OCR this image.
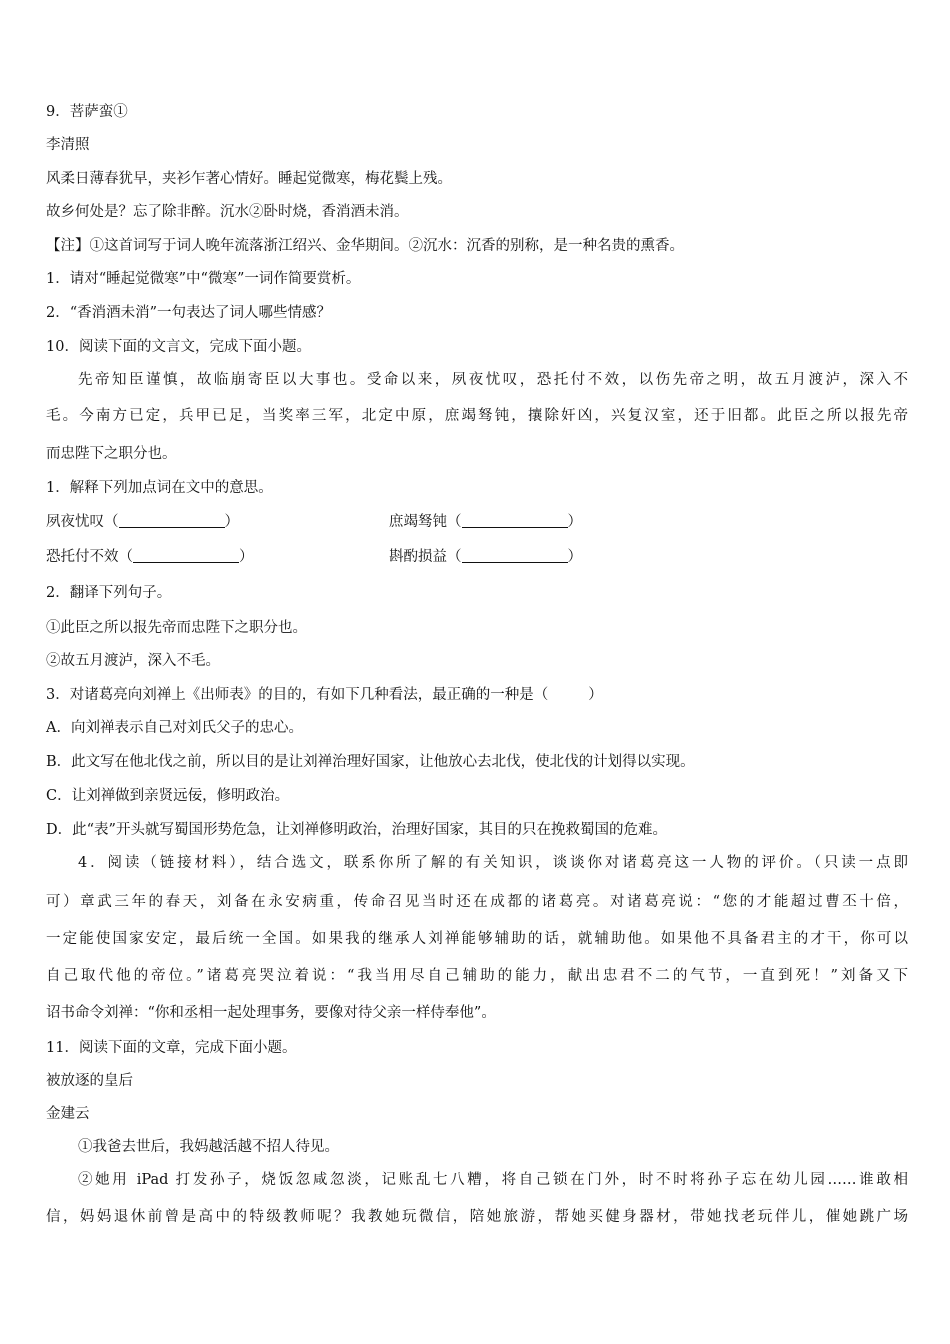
9．菩萨蛮①
李清照
风柔日薄春犹早，夹衫乍著心情好。睡起觉微寒，梅花鬓上残。
故乡何处是？忘了除非醉。沉水②卧时烧，香消酒未消。
【注】①这首词写于词人晚年流落浙江绍兴、金华期间。②沉水：沉香的别称，是一种名贵的熏香。
1．请对“睡起觉微寒”中“微寒”一词作简要赏析。
2．“香消酒未消”一句表达了词人哪些情感？
10．阅读下面的文言文，完成下面小题。
先帝知臣谨慎，故临崩寄臣以大事也。受命以来，夙夜忧叹，恐托付不效，以伤先帝之明，故五月渡泸，深入不
毛。今南方已定，兵甲已足，当奖率三军，北定中原，庶竭驽钝，攘除奸凶，兴复汉室，还于旧都。此臣之所以报先帝
而忠陛下之职分也。
1．解释下列加点词在文中的意思。
夙夜忧叹（	）	庶竭驽钝（	）
恐托付不效（	）	斟酌损益（	）
2．翻译下列句子。
①此臣之所以报先帝而忠陛下之职分也。
②故五月渡泸，深入不毛。
3．对诸葛亮向刘禅上《出师表》的目的，有如下几种看法，最正确的一种是（	）
A．向刘禅表示自己对刘氏父子的忠心。
B．此文写在他北伐之前，所以目的是让刘禅治理好国家，让他放心去北伐，使北伐的计划得以实现。
C．让刘禅做到亲贤远佞，修明政治。
D．此“表”开头就写蜀国形势危急，让刘禅修明政治，治理好国家，其目的只在挽救蜀国的危难。
4．阅读（链接材料），结合选文，联系你所了解的有关知识，谈谈你对诸葛亮这一人物的评价。（只读一点即
可）章武三年的春天，刘备在永安病重，传命召见当时还在成都的诸葛亮。对诸葛亮说：“您的才能超过曹丕十倍，
一定能使国家安定，最后统一全国。如果我的继承人刘禅能够辅助的话，就辅助他。如果他不具备君主的才干，你可以
自己取代他的帝位。”诸葛亮哭泣着说：“我当用尽自己辅助的能力，献出忠君不二的气节，一直到死！”刘备又下
诏书命令刘禅：“你和丞相一起处理事务，要像对待父亲一样侍奉他”。
11．阅读下面的文章，完成下面小题。
被放逐的皇后
金建云
①我爸去世后，我妈越活越不招人待见。
②她用 iPad 打发孙子，烧饭忽咸忽淡，记账乱七八糟，将自己锁在门外，时不时将孙子忘在幼儿园……谁敢相
信，妈妈退休前曾是高中的特级教师呢？我教她玩微信，陪她旅游，帮她买健身器材，带她找老玩伴儿，催她跳广场
